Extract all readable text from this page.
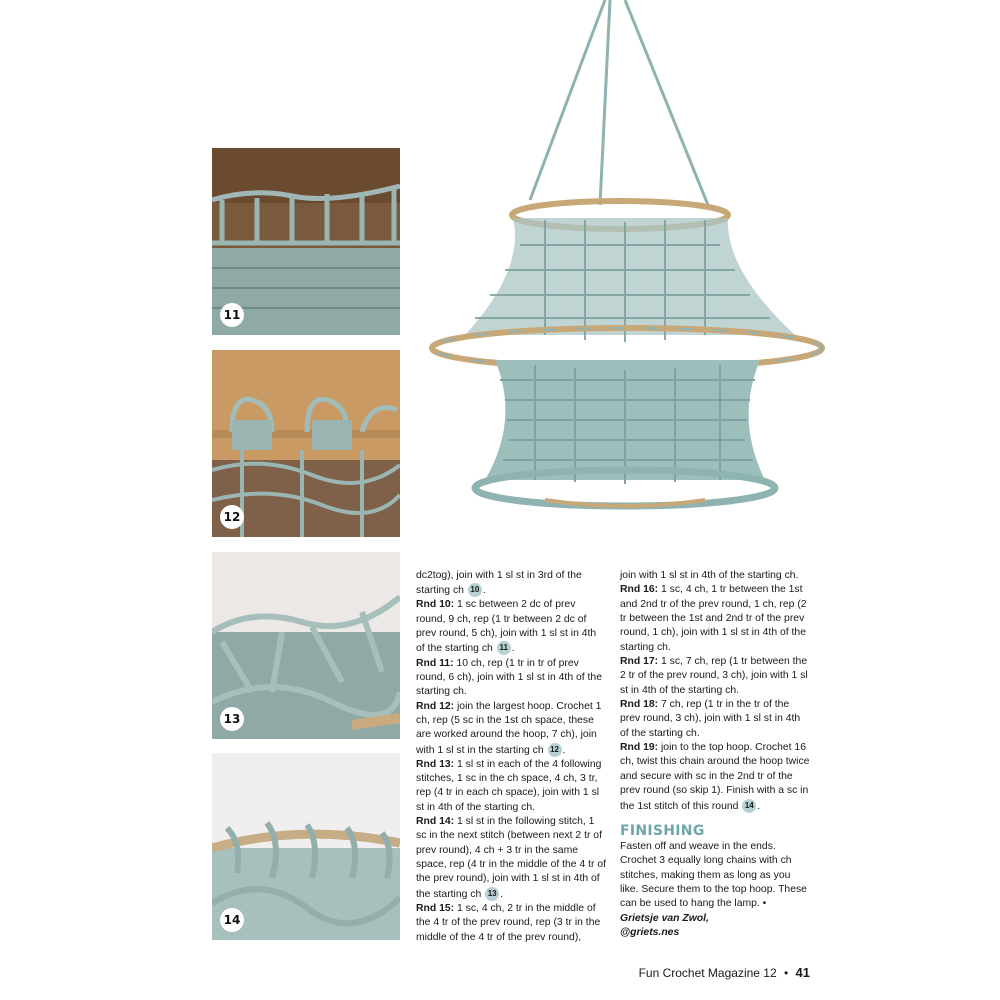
11
12
13
14

dc2tog), join with 1 sl st in 3rd of the starting ch 10 .

Rnd 10: 1 sc between 2 dc of prev round, 9 ch, rep (1 tr between 2 dc of prev round, 5 ch), join with 1 sl st in 4th of the starting ch 11 .

Rnd 11: 10 ch, rep (1 tr in tr of prev round, 6 ch), join with 1 sl st in 4th of the starting ch.

Rnd 12: join the largest hoop. Crochet 1 ch, rep (5 sc in the 1st ch space, these are worked around the hoop, 7 ch), join with 1 sl st in the starting ch 12 .

Rnd 13: 1 sl st in each of the 4 following stitches, 1 sc in the ch space, 4 ch, 3 tr, rep (4 tr in each ch space), join with 1 sl st in 4th of the starting ch.

Rnd 14: 1 sl st in the following stitch, 1 sc in the next stitch (between next 2 tr of prev round), 4 ch + 3 tr in the same space, rep (4 tr in the middle of the 4 tr of the prev round), join with 1 sl st in 4th of the starting ch 13 .

Rnd 15: 1 sc, 4 ch, 2 tr in the middle of the 4 tr of the prev round, rep (3 tr in the middle of the 4 tr of the prev round),

join with 1 sl st in 4th of the starting ch.

Rnd 16: 1 sc, 4 ch, 1 tr between the 1st and 2nd tr of the prev round, 1 ch, rep (2 tr between the 1st and 2nd tr of the prev round, 1 ch), join with 1 sl st in 4th of the starting ch.

Rnd 17: 1 sc, 7 ch, rep (1 tr between the 2 tr of the prev round, 3 ch), join with 1 sl st in 4th of the starting ch.

Rnd 18: 7 ch, rep (1 tr in the tr of the prev round, 3 ch), join with 1 sl st in 4th of the starting ch.

Rnd 19: join to the top hoop. Crochet 16 ch, twist this chain around the hoop twice and secure with sc in the 2nd tr of the prev round (so skip 1). Finish with a sc in the 1st stitch of this round 14 .

FINISHING

Fasten off and weave in the ends. Crochet 3 equally long chains with ch stitches, making them as long as you like. Secure them to the top hoop. These can be used to hang the lamp. •

Grietsje van Zwol,

@griets.nes

Fun Crochet Magazine 12 • 41
